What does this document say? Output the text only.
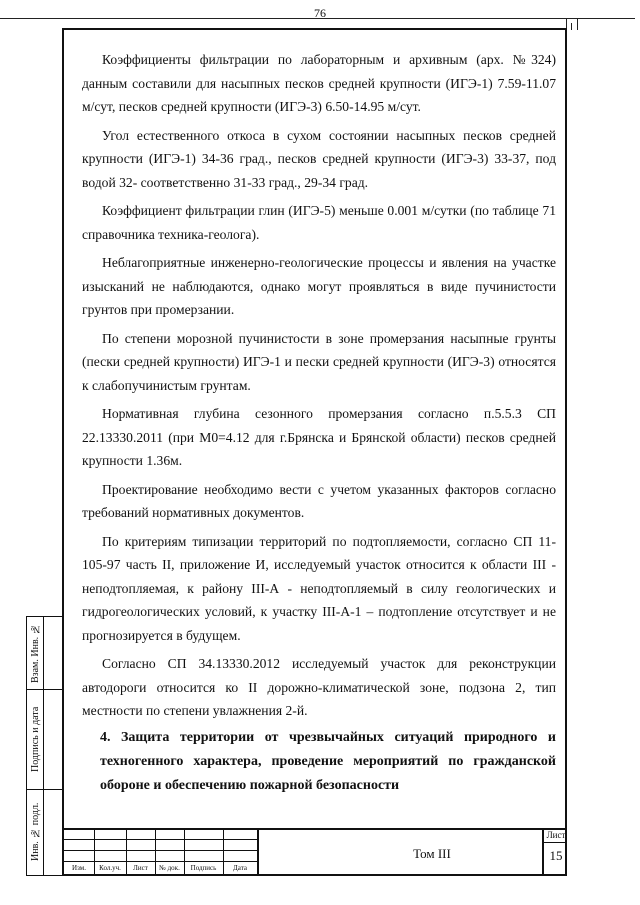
76

Коэффициенты фильтрации по лабораторным и архивным (арх. №324) данным составили для насыпных песков средней крупности (ИГЭ-1) 7.59-11.07 м/сут, песков средней крупности (ИГЭ-3) 6.50-14.95 м/сут.

Угол естественного откоса в сухом состоянии насыпных песков средней крупности (ИГЭ-1) 34-36 град., песков средней крупности (ИГЭ-3) 33-37, под водой 32- соответственно 31-33 град., 29-34 град.

Коэффициент фильтрации глин (ИГЭ-5) меньше 0.001 м/сутки (по таблице 71 справочника техника-геолога).

Неблагоприятные инженерно-геологические процессы и явления на участке изысканий не наблюдаются, однако могут проявляться в виде пучинистости грунтов при промерзании.

По степени морозной пучинистости в зоне промерзания насыпные грунты (пески средней крупности) ИГЭ-1 и пески средней крупности (ИГЭ-3) относятся к слабопучинистым грунтам.

Нормативная глубина сезонного промерзания согласно п.5.5.3 СП 22.13330.2011 (при М0=4.12 для г.Брянска и Брянской области) песков средней крупности 1.36м.

Проектирование необходимо вести с учетом указанных факторов согласно требований нормативных документов.

По критериям типизации территорий по подтопляемости, согласно СП 11-105-97 часть II, приложение И, исследуемый участок относится к области III - неподтопляемая, к району III-А - неподтопляемый в силу геологических и гидрогеологических условий, к участку III-А-1 – подтопление отсутствует и не прогнозируется в будущем.

Согласно СП 34.13330.2012 исследуемый участок для реконструкции автодороги относится ко II дорожно-климатической зоне, подзона 2, тип местности по степени увлажнения 2-й.

4. Защита территории от чрезвычайных ситуаций природного и техногенного характера, проведение мероприятий по гражданской обороне и обеспечению пожарной безопасности

Взам. Инв. №
Подпись и дата
Инв. № подл.
Изм.	Кол.уч.	Лист	№ док.	Подпись	Дата
Том III
Лист
15
